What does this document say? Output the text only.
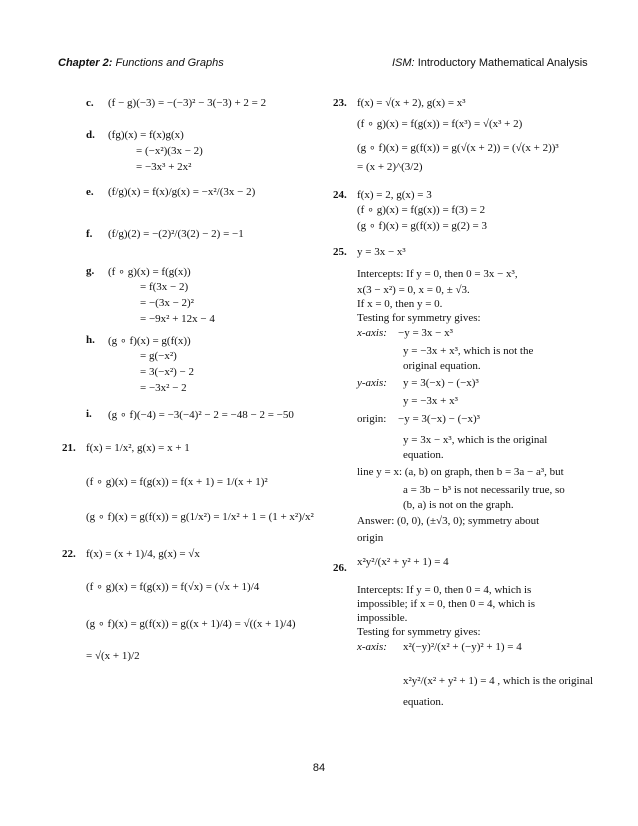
Chapter 2: Functions and Graphs	ISM: Introductory Mathematical Analysis
c. (f − g)(−3) = −(−3)² − 3(−3) + 2 = 2
d. (fg)(x) = f(x)g(x)
= (−x²)(3x − 2)
= −3x³ + 2x²
e. (f/g)(x) = f(x)/g(x) = −x²/(3x − 2)
f. (f/g)(2) = −(2)²/(3(2) − 2) = −1
g. (f ∘ g)(x) = f(g(x))
= f(3x − 2)
= −(3x − 2)²
= −9x² + 12x − 4
h. (g ∘ f)(x) = g(f(x))
= g(−x²)
= 3(−x²) − 2
= −3x² − 2
i. (g ∘ f)(−4) = −3(−4)² − 2 = −48 − 2 = −50
21. f(x) = 1/x², g(x) = x + 1
(f ∘ g)(x) = f(g(x)) = f(x + 1) = 1/(x + 1)²
(g ∘ f)(x) = g(f(x)) = g(1/x²) = 1/x² + 1 = (1 + x²)/x²
22. f(x) = (x + 1)/4, g(x) = √x
(f ∘ g)(x) = f(g(x)) = f(√x) = (√x + 1)/4
(g ∘ f)(x) = g(f(x)) = g((x + 1)/4) = √((x + 1)/4)
= √(x + 1)/2
23. f(x) = √(x + 2), g(x) = x³
(f ∘ g)(x) = f(g(x)) = f(x³) = √(x³ + 2)
(g ∘ f)(x) = g(f(x)) = g(√(x + 2)) = (√(x + 2))³
= (x + 2)^(3/2)
24. f(x) = 2, g(x) = 3
(f ∘ g)(x) = f(g(x)) = f(3) = 2
(g ∘ f)(x) = g(f(x)) = g(2) = 3
25. y = 3x − x³
Intercepts: If y = 0, then 0 = 3x − x³,
x(3 − x²) = 0, x = 0, ± √3.
If x = 0, then y = 0.
Testing for symmetry gives:
x-axis: −y = 3x − x³
y = −3x + x³, which is not the
original equation.
y-axis: y = 3(−x) − (−x)³
y = −3x + x³
origin: −y = 3(−x) − (−x)³
y = 3x − x³, which is the original
equation.
line y = x: (a, b) on graph, then b = 3a − a³, but
a = 3b − b³ is not necessarily true, so
(b, a) is not on the graph.
Answer: (0, 0), (±√3, 0); symmetry about
origin
26. x²y²/(x² + y² + 1) = 4
Intercepts: If y = 0, then 0 = 4, which is
impossible; if x = 0, then 0 = 4, which is
impossible.
Testing for symmetry gives:
x-axis: x²(−y)²/(x² + (−y)² + 1) = 4
x²y²/(x² + y² + 1) = 4 , which is the original
equation.
84
